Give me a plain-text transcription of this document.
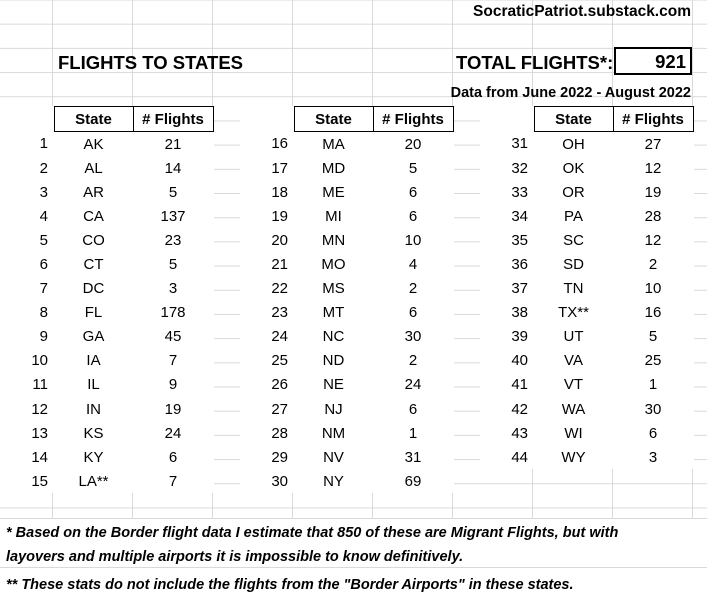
SocraticPatriot.substack.com
FLIGHTS TO STATES	TOTAL FLIGHTS*:	921
Data from June 2022 - August 2022
	State	# Flights
1	AK	21
2	AL	14
3	AR	5
4	CA	137
5	CO	23
6	CT	5
7	DC	3
8	FL	178
9	GA	45
10	IA	7
11	IL	9
12	IN	19
13	KS	24
14	KY	6
15	LA**	7
	State	# Flights
16	MA	20
17	MD	5
18	ME	6
19	MI	6
20	MN	10
21	MO	4
22	MS	2
23	MT	6
24	NC	30
25	ND	2
26	NE	24
27	NJ	6
28	NM	1
29	NV	31
30	NY	69
	State	# Flights
31	OH	27
32	OK	12
33	OR	19
34	PA	28
35	SC	12
36	SD	2
37	TN	10
38	TX**	16
39	UT	5
40	VA	25
41	VT	1
42	WA	30
43	WI	6
44	WY	3
* Based on the Border flight data I estimate that 850 of these are Migrant Flights, but with
layovers and multiple airports it is impossible to know definitively.
** These stats do not include the flights from the "Border Airports" in these states.
